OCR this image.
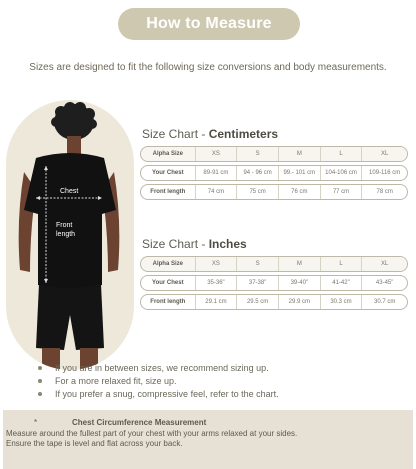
How to Measure
Sizes are designed to fit the following size conversions and body measurements.
Chest
Front
length
Size Chart - Centimeters
Alpha Size	XS	S	M	L	XL
Your Chest	89-91 cm	94 - 96 cm	99.- 101 cm	104-106 cm	109-116 cm
Front length	74 cm	75 cm	76 cm	77 cm	78 cm
Size Chart - Inches
Alpha Size	XS	S	M	L	XL
Your Chest	35-36"	37-38"	39-40"	41-42"	43-45"
Front length	29.1 cm	29.5 cm	29.9 cm	30.3 cm	30.7 cm
If you are in between sizes, we recommend sizing up.
For a more relaxed fit, size up.
If you prefer a snug, compressive feel, refer to the chart.
*	Chest Circumference Measurement
Measure around the fullest part of your chest with your arms relaxed at your sides.
Ensure the tape is level and flat across your back.
